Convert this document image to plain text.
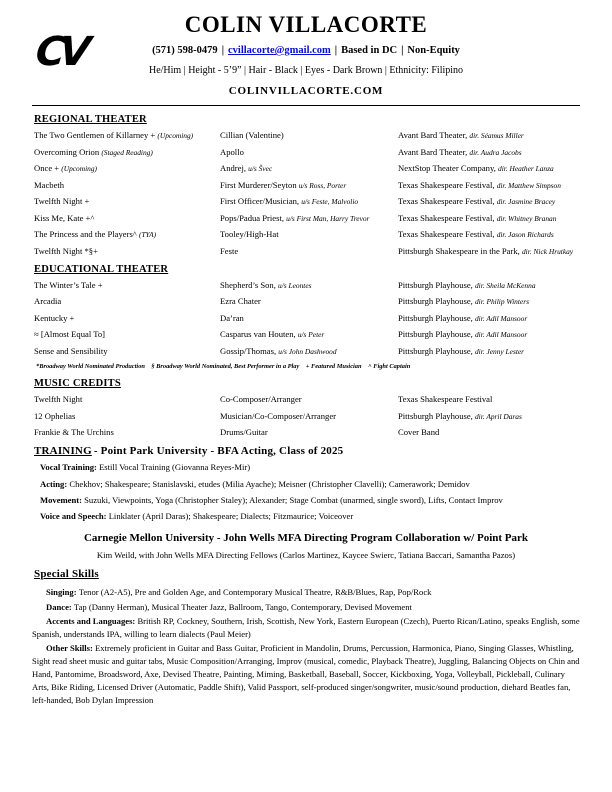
CV
COLIN VILLACORTE
(571) 598-0479 | cvillacorte@gmail.com | Based in DC | Non-Equity
He/Him | Height - 5’9” | Hair - Black | Eyes - Dark Brown | Ethnicity: Filipino
COLINVILLACORTE.COM
REGIONAL THEATER
The Two Gentlemen of Killarney + (Upcoming)	Cillian (Valentine)	Avant Bard Theater, dir. Séamus Miller
Overcoming Orion (Staged Reading)	Apollo	Avant Bard Theater, dir. Audra Jacobs
Once + (Upcoming)	Andrej, u/s Švec	NextStop Theater Company, dir. Heather Lanza
Macbeth	First Murderer/Seyton u/s Ross, Porter	Texas Shakespeare Festival, dir. Matthew Simpson
Twelfth Night +	First Officer/Musician, u/s Feste, Malvolio	Texas Shakespeare Festival, dir. Jasmine Bracey
Kiss Me, Kate +^	Pops/Padua Priest, u/s First Man, Harry Trevor	Texas Shakespeare Festival, dir. Whitney Branan
The Princess and the Players^ (TYA)	Tooley/High-Hat	Texas Shakespeare Festival, dir. Jason Richards
Twelfth Night *§+	Feste	Pittsburgh Shakespeare in the Park, dir. Nick Hrutkay
EDUCATIONAL THEATER
The Winter’s Tale +	Shepherd’s Son, u/s Leontes	Pittsburgh Playhouse, dir. Sheila McKenna
Arcadia	Ezra Chater	Pittsburgh Playhouse, dir. Philip Winters
Kentucky +	Da’ran	Pittsburgh Playhouse, dir. Adil Mansoor
≈ [Almost Equal To]	Casparus van Houten, u/s Peter	Pittsburgh Playhouse, dir. Adil Mansoor
Sense and Sensibility	Gossip/Thomas, u/s John Dashwood	Pittsburgh Playhouse, dir. Jenny Lester
*Broadway World Nominated Production    § Broadway World Nominated, Best Performer in a Play    + Featured Musician    ^ Fight Captain
MUSIC CREDITS
Twelfth Night	Co-Composer/Arranger	Texas Shakespeare Festival
12 Ophelias	Musician/Co-Composer/Arranger	Pittsburgh Playhouse, dir. April Daras
Frankie & The Urchins	Drums/Guitar	Cover Band
TRAINING- Point Park University - BFA Acting, Class of 2025
Vocal Training: Estill Vocal Training (Giovanna Reyes-Mir)
Acting: Chekhov; Shakespeare; Stanislavski, etudes (Milia Ayache); Meisner (Christopher Clavelli); Camerawork; Demidov
Movement: Suzuki, Viewpoints, Yoga (Christopher Staley); Alexander; Stage Combat (unarmed, single sword), Lifts, Contact Improv
Voice and Speech: Linklater (April Daras); Shakespeare; Dialects; Fitzmaurice; Voiceover
Carnegie Mellon University - John Wells MFA Directing Program Collaboration w/ Point Park
Kim Weild, with John Wells MFA Directing Fellows (Carlos Martinez, Kaycee Swierc, Tatiana Baccari, Samantha Pazos)
Special Skills
Singing: Tenor (A2-A5), Pre and Golden Age, and Contemporary Musical Theatre, R&B/Blues, Rap, Pop/Rock
Dance: Tap (Danny Herman), Musical Theater Jazz, Ballroom, Tango, Contemporary, Devised Movement
Accents and Languages: British RP, Cockney, Southern, Irish, Scottish, New York, Eastern European (Czech), Puerto Rican/Latino, speaks English, some Spanish, understands IPA, willing to learn dialects (Paul Meier)
Other Skills: Extremely proficient in Guitar and Bass Guitar, Proficient in Mandolin, Drums, Percussion, Harmonica, Piano, Singing Glasses, Whistling, Sight read sheet music and guitar tabs, Music Composition/Arranging, Improv (musical, comedic, Playback Theatre), Juggling, Balancing Objects on Chin and Hand, Pantomime, Broadsword, Axe, Devised Theatre, Painting, Miming, Basketball, Baseball, Soccer, Kickboxing, Yoga, Volleyball, Pickleball, Culinary Arts, Bike Riding, Licensed Driver (Automatic, Paddle Shift), Valid Passport, self-produced singer/songwriter, music/sound production, diehard Beatles fan, left-handed, Bob Dylan Impression
